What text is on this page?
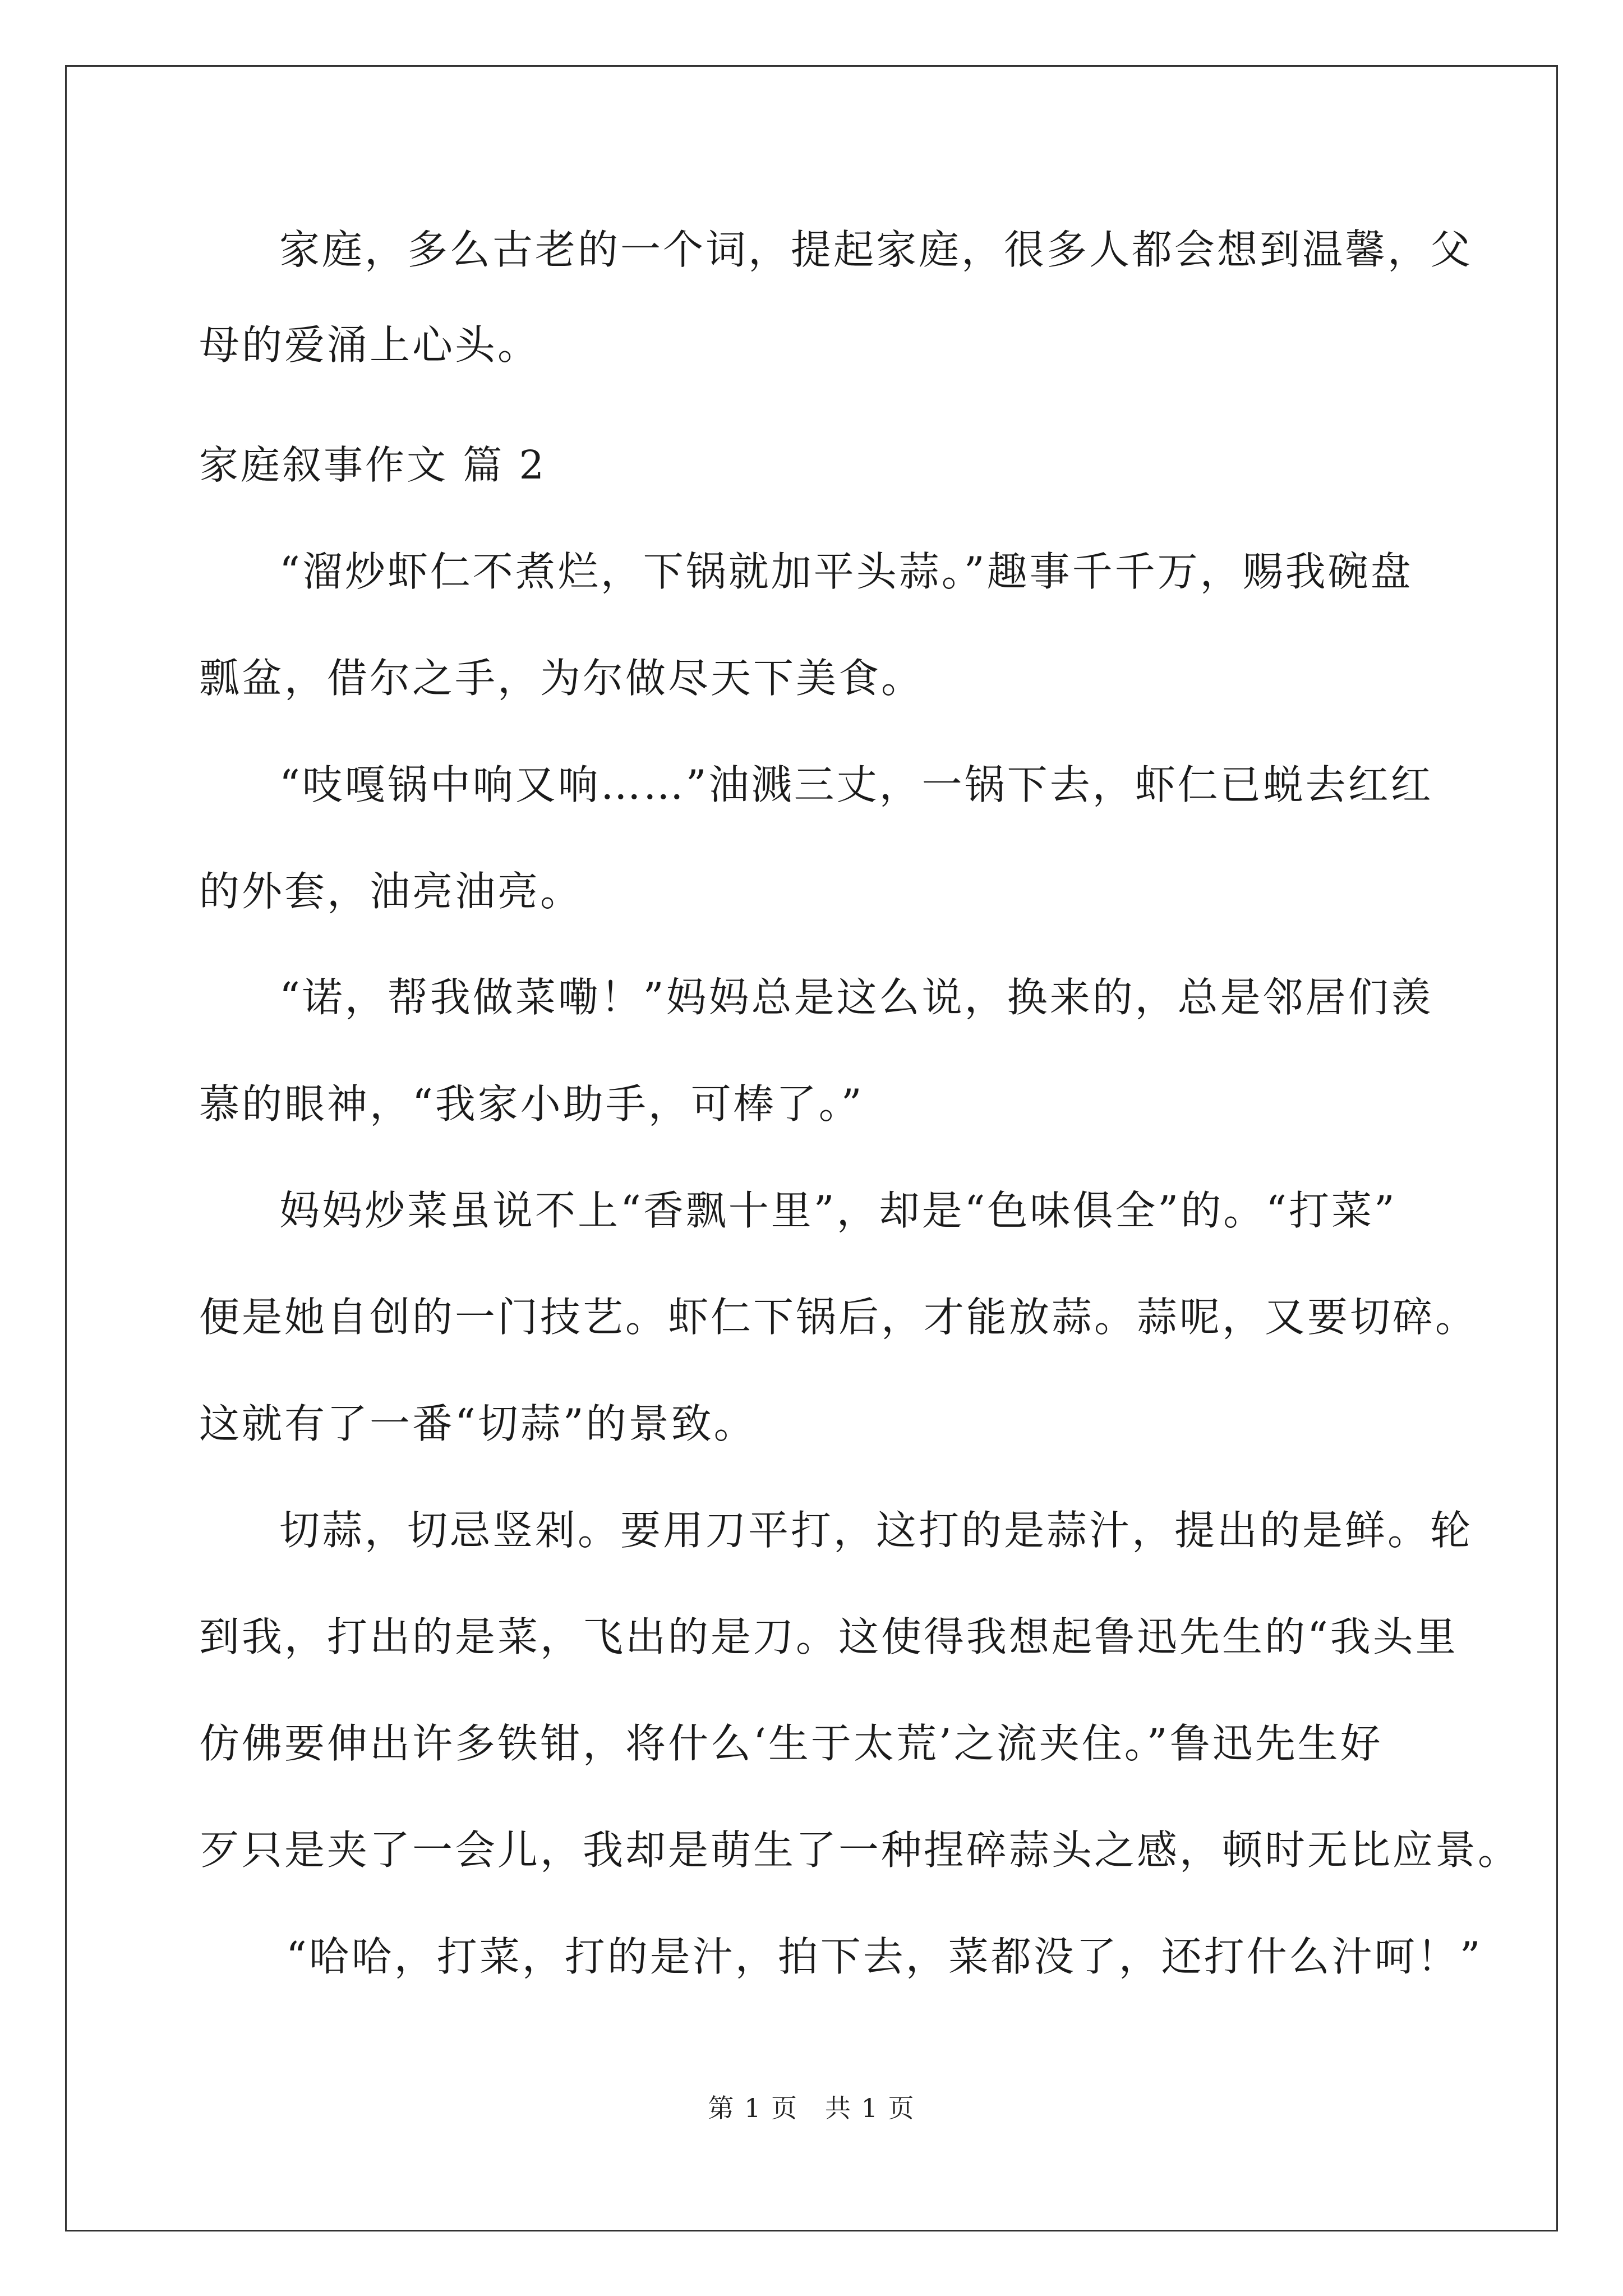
家庭，多么古老的一个词，提起家庭，很多人都会想到温馨，父
母的爱涌上心头。
家庭叙事作文 篇 2
“溜炒虾仁不煮烂，下锅就加平头蒜。”趣事千千万，赐我碗盘
瓢盆，借尔之手，为尔做尽天下美食。
“吱嘎锅中响又响……”油溅三丈，一锅下去，虾仁已蜕去红红
的外套，油亮油亮。
“诺，帮我做菜嘞！”妈妈总是这么说，换来的，总是邻居们羡
慕的眼神，“我家小助手，可棒了。”
妈妈炒菜虽说不上“香飘十里”，却是“色味俱全”的。“打菜”
便是她自创的一门技艺。虾仁下锅后，才能放蒜。蒜呢，又要切碎。
这就有了一番“切蒜”的景致。
切蒜，切忌竖剁。要用刀平打，这打的是蒜汁，提出的是鲜。轮
到我，打出的是菜，飞出的是刀。这使得我想起鲁迅先生的“我头里
仿佛要伸出许多铁钳，将什么‘生于太荒’之流夹住。”鲁迅先生好
歹只是夹了一会儿，我却是萌生了一种捏碎蒜头之感，顿时无比应景。
“哈哈，打菜，打的是汁，拍下去，菜都没了，还打什么汁呵！”
第 1 页　共 1 页
